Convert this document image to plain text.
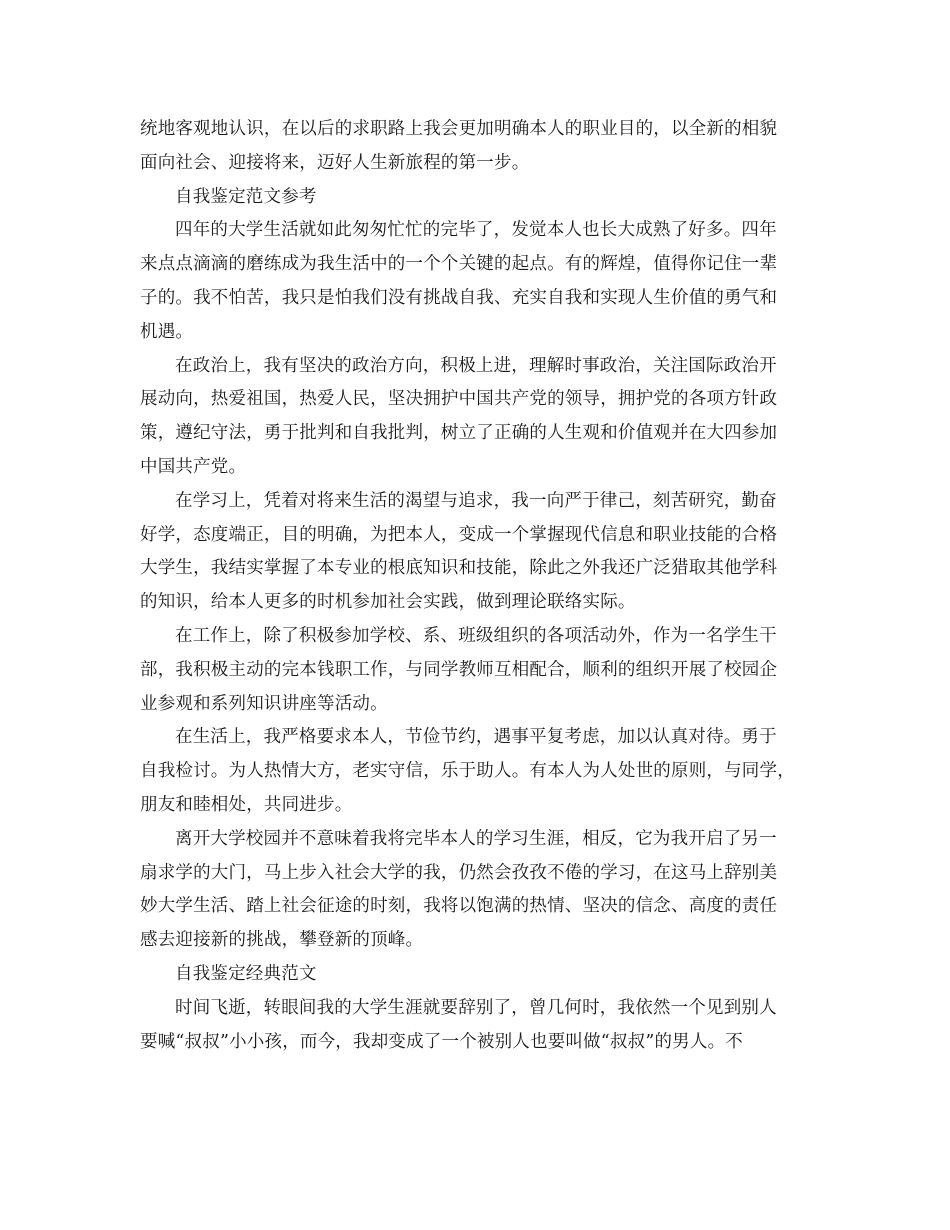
统地客观地认识，在以后的求职路上我会更加明确本人的职业目的，以全新的相貌
面向社会、迎接将来，迈好人生新旅程的第一步。
自我鉴定范文参考
四年的大学生活就如此匆匆忙忙的完毕了，发觉本人也长大成熟了好多。四年
来点点滴滴的磨练成为我生活中的一个个关键的起点。有的辉煌，值得你记住一辈
子的。我不怕苦，我只是怕我们没有挑战自我、充实自我和实现人生价值的勇气和
机遇。
在政治上，我有坚决的政治方向，积极上进，理解时事政治，关注国际政治开
展动向，热爱祖国，热爱人民，坚决拥护中国共产党的领导，拥护党的各项方针政
策，遵纪守法，勇于批判和自我批判，树立了正确的人生观和价值观并在大四参加
中国共产党。
在学习上，凭着对将来生活的渴望与追求，我一向严于律己，刻苦研究，勤奋
好学，态度端正，目的明确，为把本人，变成一个掌握现代信息和职业技能的合格
大学生，我结实掌握了本专业的根底知识和技能，除此之外我还广泛猎取其他学科
的知识，给本人更多的时机参加社会实践，做到理论联络实际。
在工作上，除了积极参加学校、系、班级组织的各项活动外，作为一名学生干
部，我积极主动的完本钱职工作，与同学教师互相配合，顺利的组织开展了校园企
业参观和系列知识讲座等活动。
在生活上，我严格要求本人，节俭节约，遇事平复考虑，加以认真对待。勇于
自我检讨。为人热情大方，老实守信，乐于助人。有本人为人处世的原则，与同学，
朋友和睦相处，共同进步。
离开大学校园并不意味着我将完毕本人的学习生涯，相反，它为我开启了另一
扇求学的大门，马上步入社会大学的我，仍然会孜孜不倦的学习，在这马上辞别美
妙大学生活、踏上社会征途的时刻，我将以饱满的热情、坚决的信念、高度的责任
感去迎接新的挑战，攀登新的顶峰。
自我鉴定经典范文
时间飞逝，转眼间我的大学生涯就要辞别了，曾几何时，我依然一个见到别人
要喊“叔叔”小小孩，而今，我却变成了一个被别人也要叫做“叔叔”的男人。不
